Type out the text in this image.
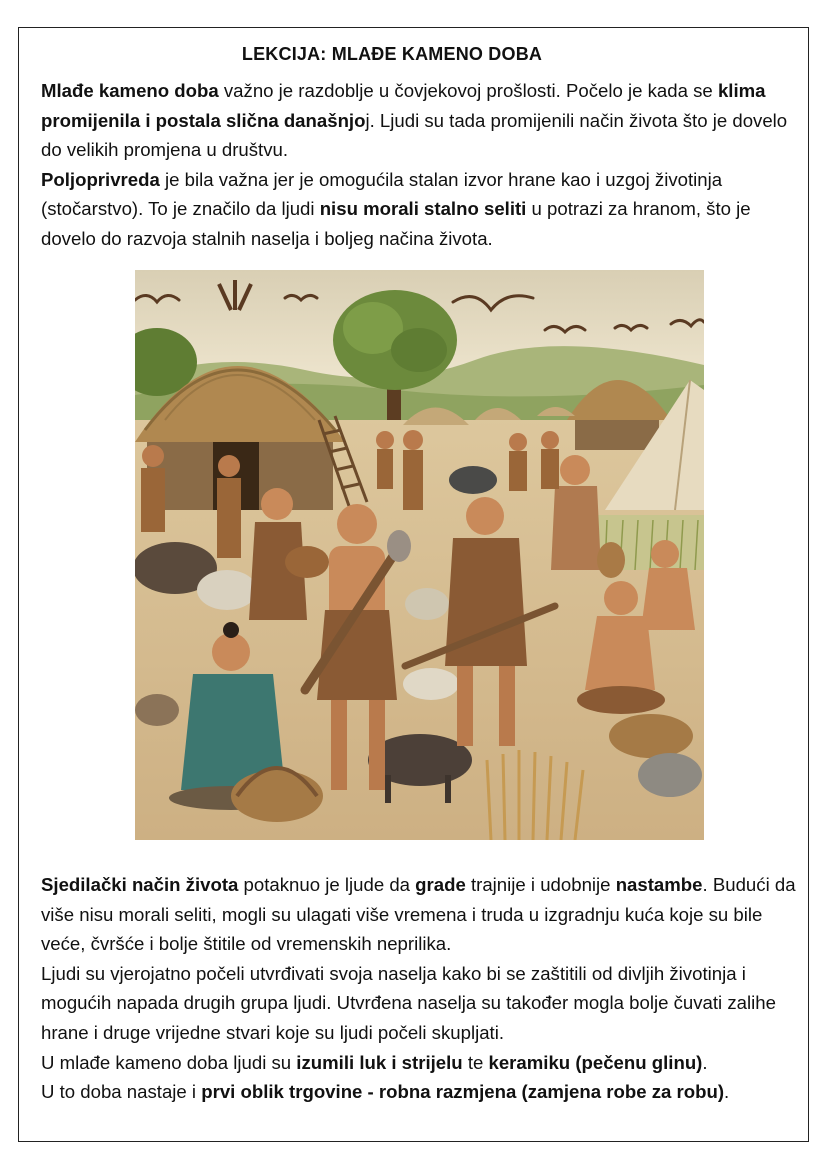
LEKCIJA: MLAĐE KAMENO DOBA

Mlađe kameno doba važno je razdoblje u čovjekovoj prošlosti. Počelo je kada se klima promijenila i postala slična današnjoj. Ljudi su tada promijenili način života što je dovelo do velikih promjena u društvu.
Poljoprivreda je bila važna jer je omogućila stalan izvor hrane kao i uzgoj životinja (stočarstvo). To je značilo da ljudi nisu morali stalno seliti u potrazi za hranom, što je dovelo do razvoja stalnih naselja i boljeg načina života.

Sjedilački način života potaknuo je ljude da grade trajnije i udobnije nastambe. Budući da više nisu morali seliti, mogli su ulagati više vremena i truda u izgradnju kuća koje su bile veće, čvršće i bolje štitile od vremenskih neprilika.
Ljudi su vjerojatno počeli utvrđivati svoja naselja kako bi se zaštitili od divljih životinja i mogućih napada drugih grupa ljudi. Utvrđena naselja su također mogla bolje čuvati zalihe hrane i druge vrijedne stvari koje su ljudi počeli skupljati.
U mlađe kameno doba ljudi su izumili luk i strijelu te keramiku (pečenu glinu).
U to doba nastaje i prvi oblik trgovine - robna razmjena (zamjena robe za robu).
